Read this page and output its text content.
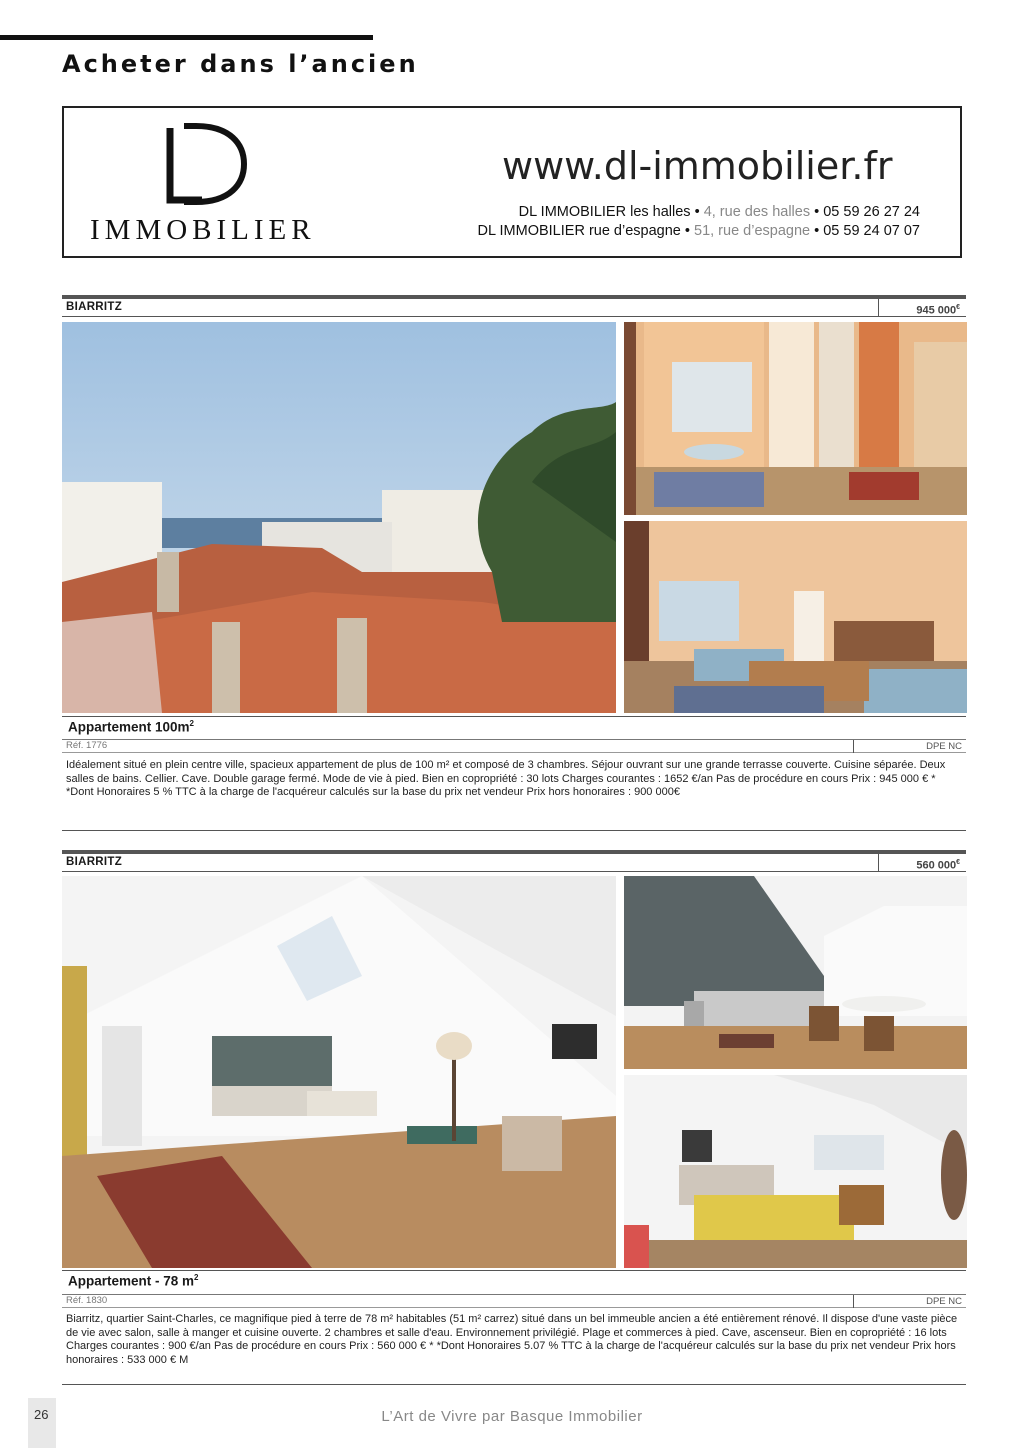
Acheter dans l’ancien
IMMOBILIER
www.dl-immobilier.fr
DL IMMOBILIER les halles • 4, rue des halles • 05 59 26 27 24
DL IMMOBILIER rue d’espagne • 51, rue d’espagne • 05 59 24 07 07
BIARRITZ	945 000€
Appartement $100m^2$
Réf. 1776	DPE NC
Idéalement situé en plein centre ville, spacieux appartement de plus de 100 m² et composé de 3 chambres. Séjour ouvrant sur une grande terrasse couverte. Cuisine séparée. Deux salles de bains. Cellier. Cave. Double garage fermé. Mode de vie à pied. Bien en copropriété : 30 lots Charges courantes : 1652 €/an Pas de procédure en cours Prix : 945 000 € * *Dont Honoraires 5 % TTC à la charge de l'acquéreur calculés sur la base du prix net vendeur Prix hors honoraires : 900 000€
BIARRITZ	560 000€
Appartement - 78 $m^2$
Réf. 1830	DPE NC
Biarritz, quartier Saint-Charles, ce magnifique pied à terre de 78 m² habitables (51 m² carrez) situé dans un bel immeuble ancien a été entièrement rénové. Il dispose d'une vaste pièce de vie avec salon, salle à manger et cuisine ouverte. 2 chambres et salle d'eau. Environnement privilégié. Plage et commerces à pied. Cave, ascenseur. Bien en copropriété : 16 lots Charges courantes : 900 €/an Pas de procédure en cours Prix : 560 000 € * *Dont Honoraires 5.07 % TTC à la charge de l'acquéreur calculés sur la base du prix net vendeur Prix hors honoraires : 533 000 € M
26	L’Art de Vivre par Basque Immobilier
